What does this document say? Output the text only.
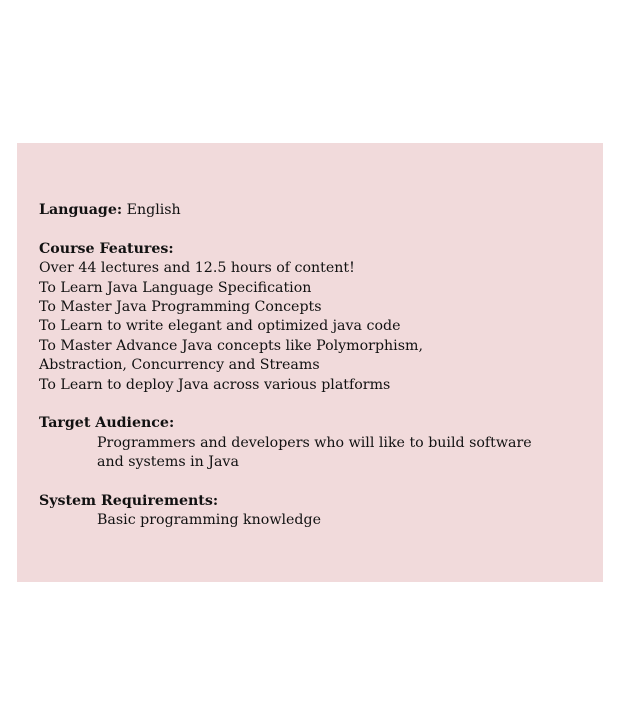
Language: English
Course Features:
Over 44 lectures and 12.5 hours of content!
To Learn Java Language Specification
To Master Java Programming Concepts
To Learn to write elegant and optimized java code
To Master Advance Java concepts like Polymorphism,
Abstraction, Concurrency and Streams
To Learn to deploy Java across various platforms
Target Audience:
Programmers and developers who will like to build software
and systems in Java
System Requirements:
Basic programming knowledge
